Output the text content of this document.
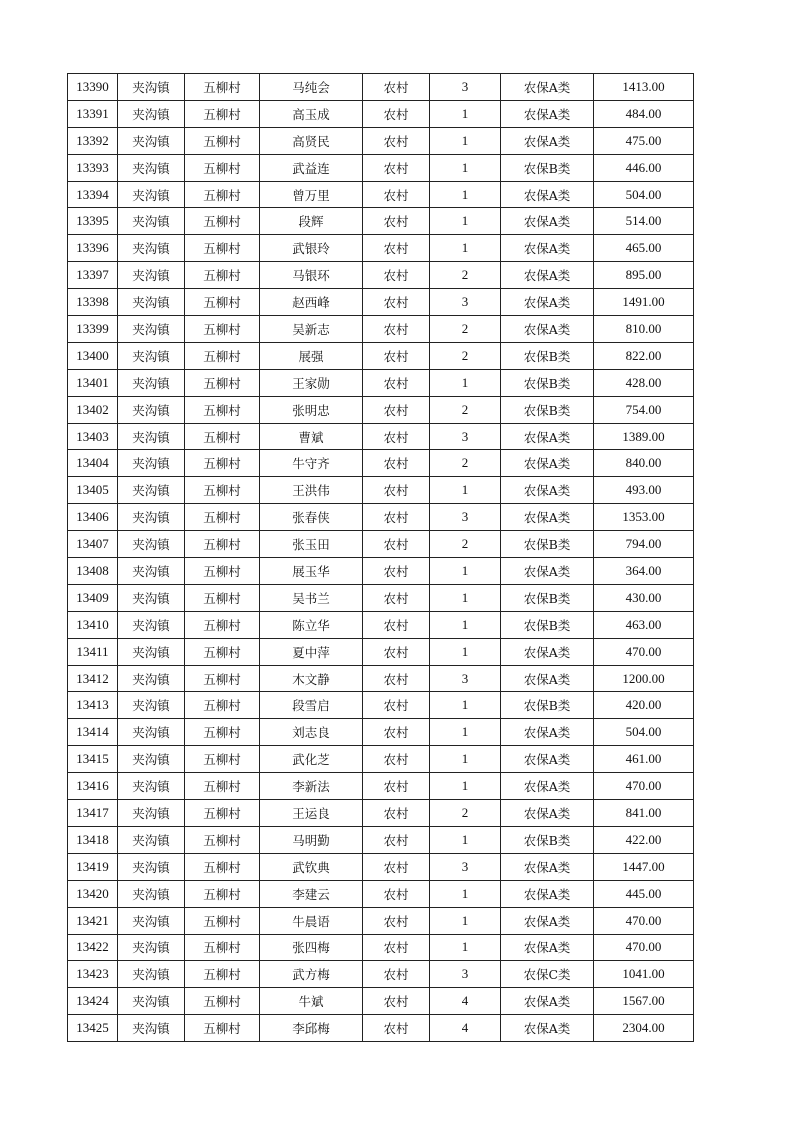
13390	夹沟镇	五柳村	马纯会	农村	3	农保A类	1413.00
13391	夹沟镇	五柳村	高玉成	农村	1	农保A类	484.00
13392	夹沟镇	五柳村	高贤民	农村	1	农保A类	475.00
13393	夹沟镇	五柳村	武益连	农村	1	农保B类	446.00
13394	夹沟镇	五柳村	曾万里	农村	1	农保A类	504.00
13395	夹沟镇	五柳村	段辉	农村	1	农保A类	514.00
13396	夹沟镇	五柳村	武银玲	农村	1	农保A类	465.00
13397	夹沟镇	五柳村	马银环	农村	2	农保A类	895.00
13398	夹沟镇	五柳村	赵西峰	农村	3	农保A类	1491.00
13399	夹沟镇	五柳村	吴新志	农村	2	农保A类	810.00
13400	夹沟镇	五柳村	展强	农村	2	农保B类	822.00
13401	夹沟镇	五柳村	王家勋	农村	1	农保B类	428.00
13402	夹沟镇	五柳村	张明忠	农村	2	农保B类	754.00
13403	夹沟镇	五柳村	曹斌	农村	3	农保A类	1389.00
13404	夹沟镇	五柳村	牛守齐	农村	2	农保A类	840.00
13405	夹沟镇	五柳村	王洪伟	农村	1	农保A类	493.00
13406	夹沟镇	五柳村	张春侠	农村	3	农保A类	1353.00
13407	夹沟镇	五柳村	张玉田	农村	2	农保B类	794.00
13408	夹沟镇	五柳村	展玉华	农村	1	农保A类	364.00
13409	夹沟镇	五柳村	吴书兰	农村	1	农保B类	430.00
13410	夹沟镇	五柳村	陈立华	农村	1	农保B类	463.00
13411	夹沟镇	五柳村	夏中萍	农村	1	农保A类	470.00
13412	夹沟镇	五柳村	木文静	农村	3	农保A类	1200.00
13413	夹沟镇	五柳村	段雪启	农村	1	农保B类	420.00
13414	夹沟镇	五柳村	刘志良	农村	1	农保A类	504.00
13415	夹沟镇	五柳村	武化芝	农村	1	农保A类	461.00
13416	夹沟镇	五柳村	李新法	农村	1	农保A类	470.00
13417	夹沟镇	五柳村	王运良	农村	2	农保A类	841.00
13418	夹沟镇	五柳村	马明勤	农村	1	农保B类	422.00
13419	夹沟镇	五柳村	武钦典	农村	3	农保A类	1447.00
13420	夹沟镇	五柳村	李建云	农村	1	农保A类	445.00
13421	夹沟镇	五柳村	牛晨语	农村	1	农保A类	470.00
13422	夹沟镇	五柳村	张四梅	农村	1	农保A类	470.00
13423	夹沟镇	五柳村	武方梅	农村	3	农保C类	1041.00
13424	夹沟镇	五柳村	牛斌	农村	4	农保A类	1567.00
13425	夹沟镇	五柳村	李邱梅	农村	4	农保A类	2304.00
